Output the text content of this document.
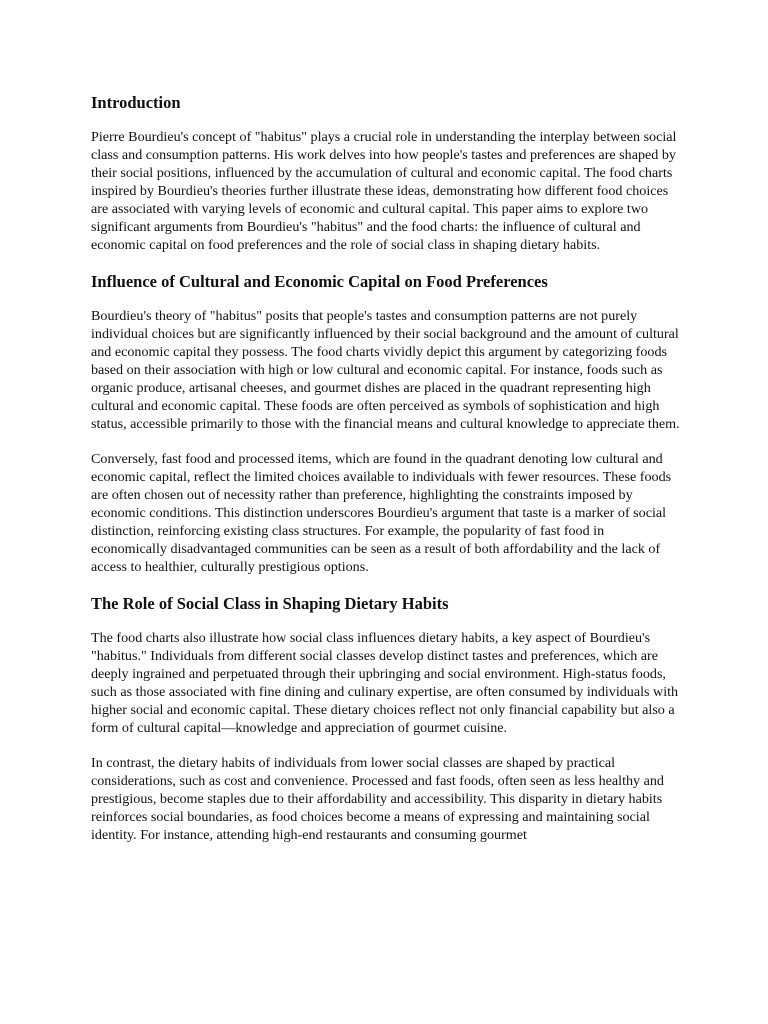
Introduction

Pierre Bourdieu's concept of "habitus" plays a crucial role in understanding the interplay between social class and consumption patterns. His work delves into how people's tastes and preferences are shaped by their social positions, influenced by the accumulation of cultural and economic capital. The food charts inspired by Bourdieu's theories further illustrate these ideas, demonstrating how different food choices are associated with varying levels of economic and cultural capital. This paper aims to explore two significant arguments from Bourdieu's "habitus" and the food charts: the influence of cultural and economic capital on food preferences and the role of social class in shaping dietary habits.

Influence of Cultural and Economic Capital on Food Preferences

Bourdieu's theory of "habitus" posits that people's tastes and consumption patterns are not purely individual choices but are significantly influenced by their social background and the amount of cultural and economic capital they possess. The food charts vividly depict this argument by categorizing foods based on their association with high or low cultural and economic capital. For instance, foods such as organic produce, artisanal cheeses, and gourmet dishes are placed in the quadrant representing high cultural and economic capital. These foods are often perceived as symbols of sophistication and high status, accessible primarily to those with the financial means and cultural knowledge to appreciate them.

Conversely, fast food and processed items, which are found in the quadrant denoting low cultural and economic capital, reflect the limited choices available to individuals with fewer resources. These foods are often chosen out of necessity rather than preference, highlighting the constraints imposed by economic conditions. This distinction underscores Bourdieu's argument that taste is a marker of social distinction, reinforcing existing class structures. For example, the popularity of fast food in economically disadvantaged communities can be seen as a result of both affordability and the lack of access to healthier, culturally prestigious options.

The Role of Social Class in Shaping Dietary Habits

The food charts also illustrate how social class influences dietary habits, a key aspect of Bourdieu's "habitus." Individuals from different social classes develop distinct tastes and preferences, which are deeply ingrained and perpetuated through their upbringing and social environment. High-status foods, such as those associated with fine dining and culinary expertise, are often consumed by individuals with higher social and economic capital. These dietary choices reflect not only financial capability but also a form of cultural capital—knowledge and appreciation of gourmet cuisine.

In contrast, the dietary habits of individuals from lower social classes are shaped by practical considerations, such as cost and convenience. Processed and fast foods, often seen as less healthy and prestigious, become staples due to their affordability and accessibility. This disparity in dietary habits reinforces social boundaries, as food choices become a means of expressing and maintaining social identity. For instance, attending high-end restaurants and consuming gourmet
